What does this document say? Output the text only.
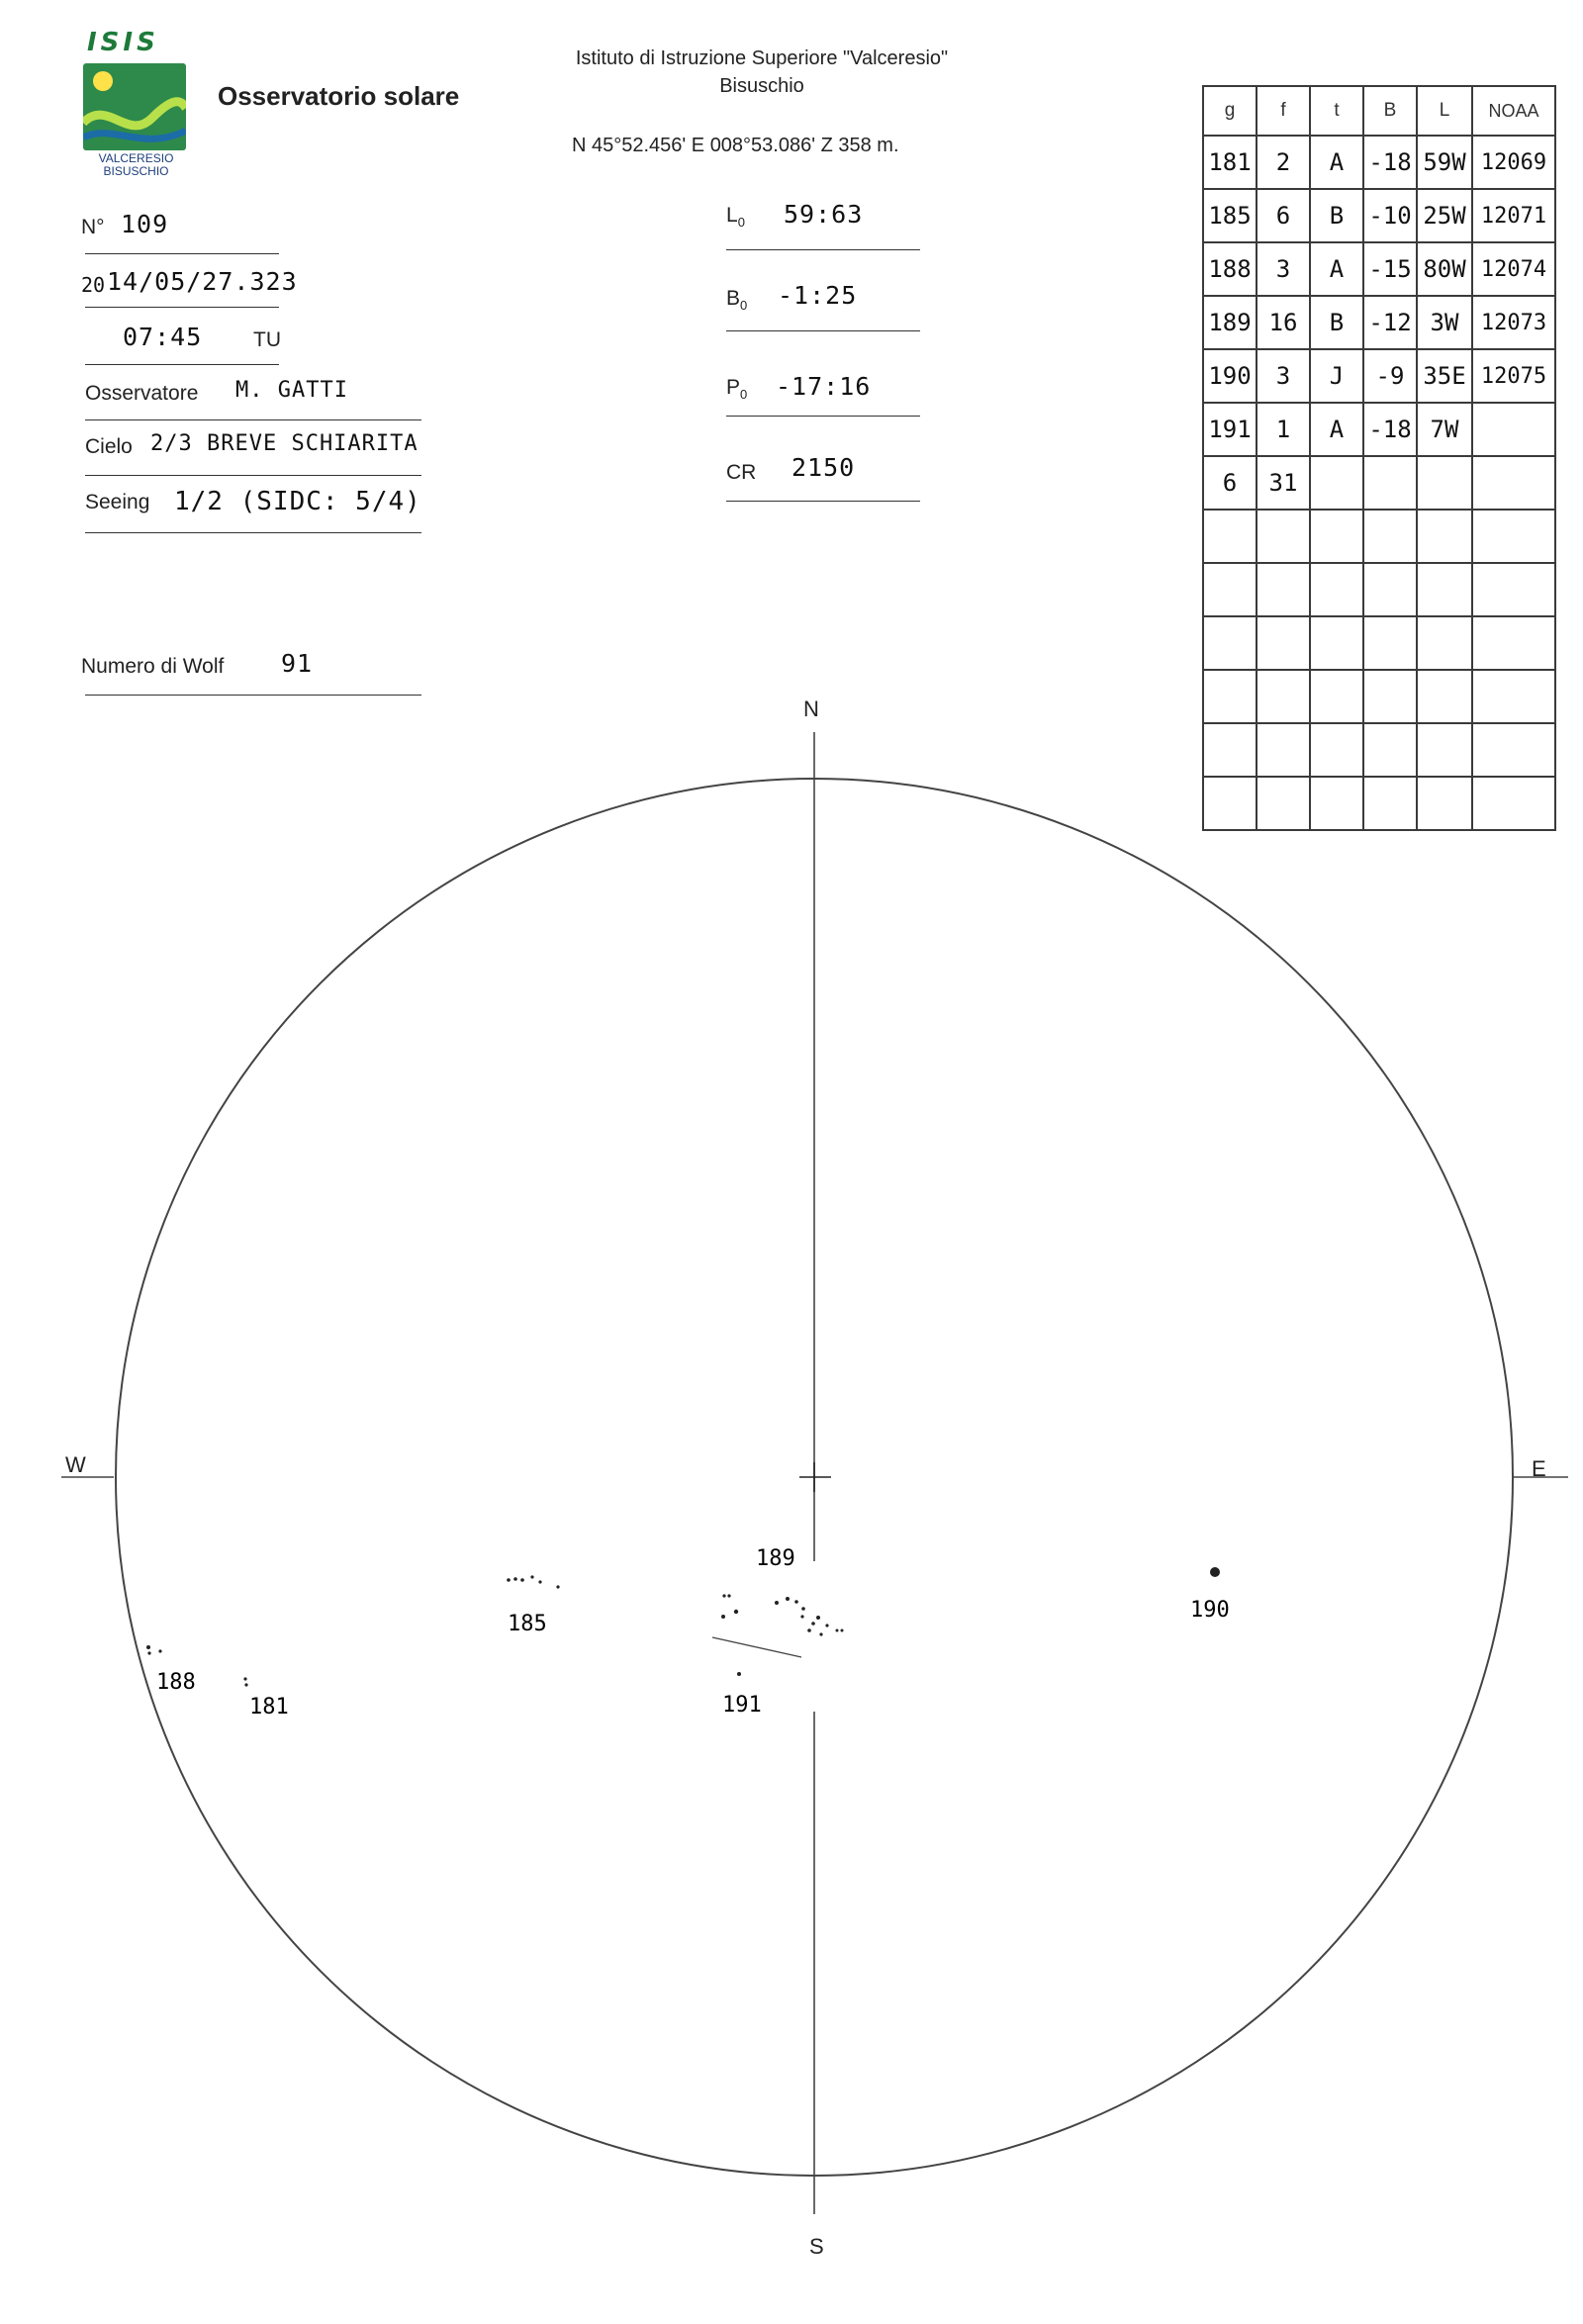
ISIS
VALCERESIO
BISUSCHIO
Osservatorio solare
Istituto di Istruzione Superiore "Valceresio"
Bisuschio
N 45°52.456' E 008°53.086' Z 358 m.
N° 109
20 14/05/27.323
07:45 TU
Osservatore M. GATTI
Cielo 2/3 BREVE SCHIARITA
Seeing 1/2 (SIDC: 5/4)
Numero di Wolf 91
$L_0$ 59:63
$B_0$ -1:25
$P_0$ -17:16
CR 2150
g	f	t	B	L	NOAA
181	2	A	-18	59W	12069
185	6	B	-10	25W	12071
188	3	A	-15	80W	12074
189	16	B	-12	3W	12073
190	3	J	-9	35E	12075
191	1	A	-18	7W	
6	31				

N
S
E
W
189
185
190
188
181	191
